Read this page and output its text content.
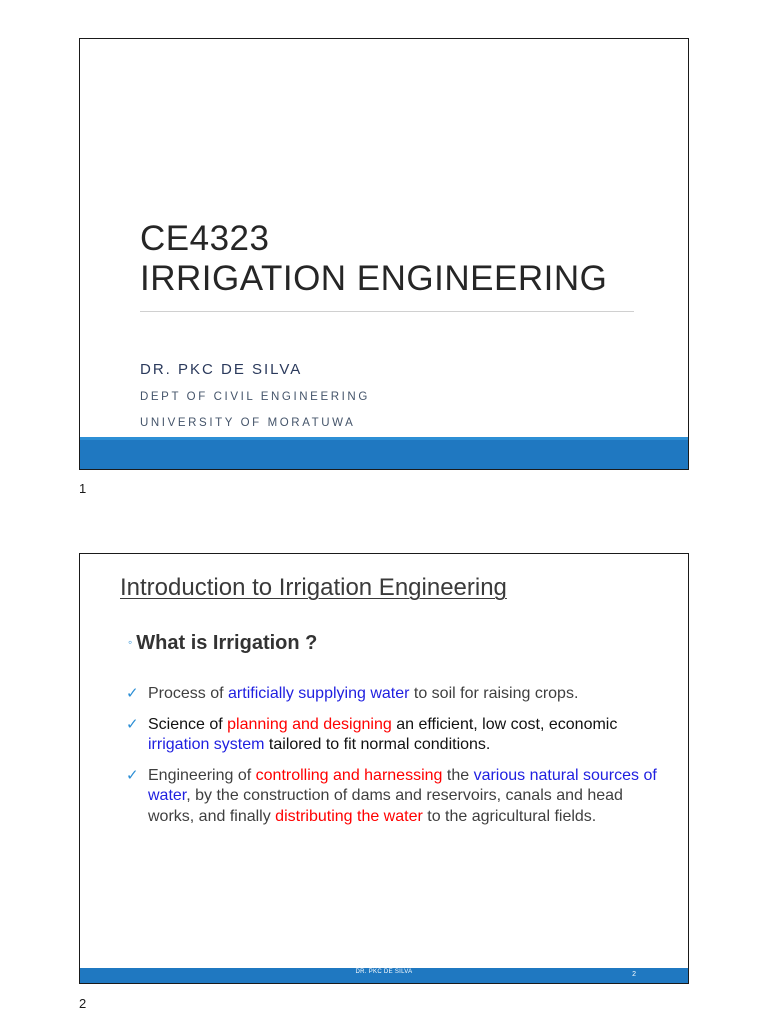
CE4323
IRRIGATION ENGINEERING
DR. PKC DE SILVA
DEPT OF CIVIL ENGINEERING
UNIVERSITY OF MORATUWA
1
Introduction to Irrigation Engineering
◦ What is Irrigation ?
✓ Process of artificially supplying water to soil for raising crops.
✓ Science of planning and designing an efficient, low cost, economic irrigation system tailored to fit normal conditions.
✓ Engineering of controlling and harnessing the various natural sources of water, by the construction of dams and reservoirs, canals and head works, and finally distributing the water to the agricultural fields.
DR. PKC DE SILVA	2
2
